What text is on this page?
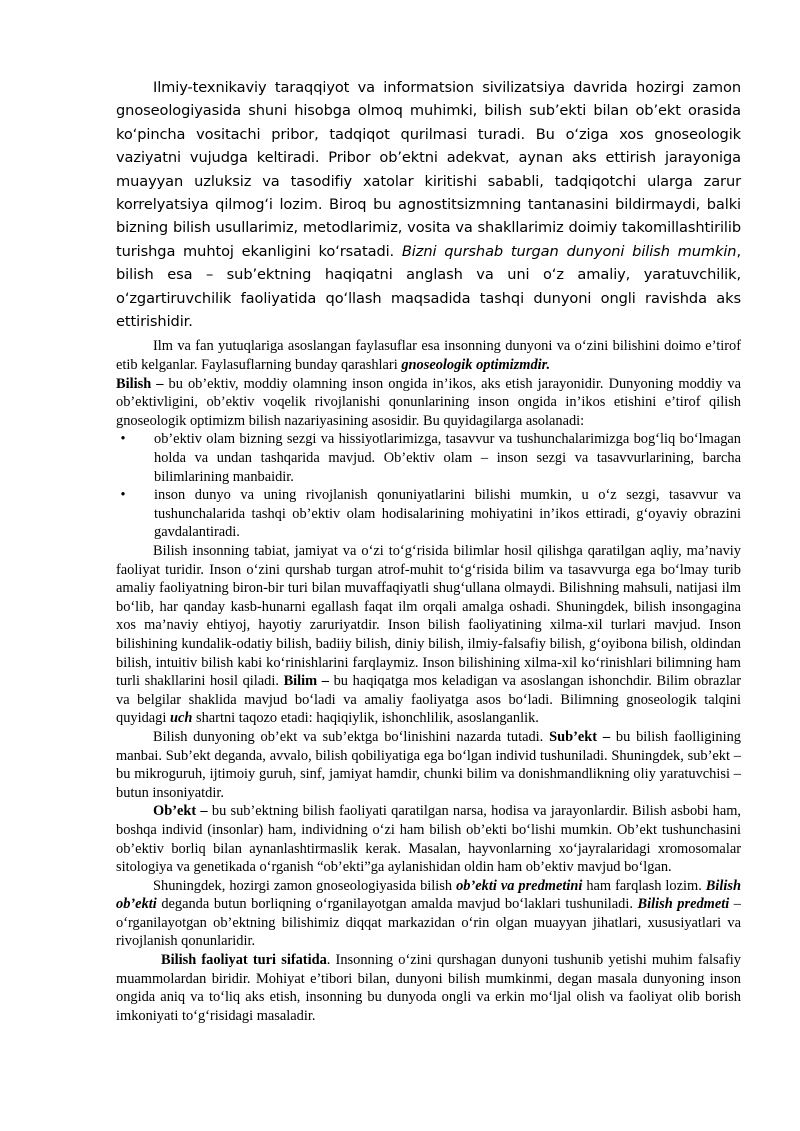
Ilmiy-texnikaviy taraqqiyot va informatsion sivilizatsiya davrida hozirgi zamon gnoseologiyasida shuni hisobga olmoq muhimki, bilish sub’ekti bilan ob’ekt orasida ko‘pincha vositachi pribor, tadqiqot qurilmasi turadi. Bu o‘ziga xos gnoseologik vaziyatni vujudga keltiradi. Pribor ob’ektni adekvat, aynan aks ettirish jarayoniga muayyan uzluksiz va tasodifiy xatolar kiritishi sababli, tadqiqotchi ularga zarur korrelyatsiya qilmog‘i lozim. Biroq bu agnostitsizmning tantanasini bildirmaydi, balki bizning bilish usullarimiz, metodlarimiz, vosita va shakllarimiz doimiy takomillashtirilib turishga muhtoj ekanligini ko‘rsatadi. Bizni qurshab turgan dunyoni bilish mumkin, bilish esa – sub’ektning haqiqatni anglash va uni o‘z amaliy, yaratuvchilik, o‘zgartiruvchilik faoliyatida qo‘llash maqsadida tashqi dunyoni ongli ravishda aks ettirishidir.

Ilm va fan yutuqlariga asoslangan faylasuflar esa insonning dunyoni va o‘zini bilishini doimo e’tirof etib kelganlar. Faylasuflarning bunday qarashlari gnoseologik optimizmdir.

Bilish – bu ob’ektiv, moddiy olamning inson ongida in’ikos, aks etish jarayonidir. Dunyoning moddiy va ob’ektivligini, ob’ektiv voqelik rivojlanishi qonunlarining inson ongida in’ikos etishini e’tirof qilish gnoseologik optimizm bilish nazariyasining asosidir. Bu quyidagilarga asolanadi:

•	ob’ektiv olam bizning sezgi va hissiyotlarimizga, tasavvur va tushunchalarimizga bog‘liq bo‘lmagan holda va undan tashqarida mavjud. Ob’ektiv olam – inson sezgi va tasavvurlarining, barcha bilimlarining manbaidir.
•	inson dunyo va uning rivojlanish qonuniyatlarini bilishi mumkin, u o‘z sezgi, tasavvur va tushunchalarida tashqi ob’ektiv olam hodisalarining mohiyatini in’ikos ettiradi, g‘oyaviy obrazini gavdalantiradi.

Bilish insonning tabiat, jamiyat va o‘zi to‘g‘risida bilimlar hosil qilishga qaratilgan aqliy, ma’naviy faoliyat turidir. Inson o‘zini qurshab turgan atrof-muhit to‘g‘risida bilim va tasavvurga ega bo‘lmay turib amaliy faoliyatning biron-bir turi bilan muvaffaqiyatli shug‘ullana olmaydi. Bilishning mahsuli, natijasi ilm bo‘lib, har qanday kasb-hunarni egallash faqat ilm orqali amalga oshadi. Shuningdek, bilish insongagina xos ma’naviy ehtiyoj, hayotiy zaruriyatdir. Inson bilish faoliyatining xilma-xil turlari mavjud. Inson bilishining kundalik-odatiy bilish, badiiy bilish, diniy bilish, ilmiy-falsafiy bilish, g‘oyibona bilish, oldindan bilish, intuitiv bilish kabi ko‘rinishlarini farqlaymiz. Inson bilishining xilma-xil ko‘rinishlari bilimning ham turli shakllarini hosil qiladi. Bilim – bu haqiqatga mos keladigan va asoslangan ishonchdir. Bilim obrazlar va belgilar shaklida mavjud bo‘ladi va amaliy faoliyatga asos bo‘ladi. Bilimning gnoseologik talqini quyidagi uch shartni taqozo etadi: haqiqiylik, ishonchlilik, asoslanganlik.

Bilish dunyoning ob’ekt va sub’ektga bo‘linishini nazarda tutadi. Sub’ekt – bu bilish faolligining manbai. Sub’ekt deganda, avvalo, bilish qobiliyatiga ega bo‘lgan individ tushuniladi. Shuningdek, sub’ekt – bu mikroguruh, ijtimoiy guruh, sinf, jamiyat hamdir, chunki bilim va donishmandlikning oliy yaratuvchisi – butun insoniyatdir.

Ob’ekt – bu sub’ektning bilish faoliyati qaratilgan narsa, hodisa va jarayonlardir. Bilish asbobi ham, boshqa individ (insonlar) ham, individning o‘zi ham bilish ob’ekti bo‘lishi mumkin. Ob’ekt tushunchasini ob’ektiv borliq bilan aynanlashtirmaslik kerak. Masalan, hayvonlarning xo‘jayralaridagi xromosomalar sitologiya va genetikada o‘rganish “ob’ekti”ga aylanishidan oldin ham ob’ektiv mavjud bo‘lgan.

Shuningdek, hozirgi zamon gnoseologiyasida bilish ob’ekti va predmetini ham farqlash lozim. Bilish ob’ekti deganda butun borliqning o‘rganilayotgan amalda mavjud bo‘laklari tushuniladi. Bilish predmeti – o‘rganilayotgan ob’ektning bilishimiz diqqat markazidan o‘rin olgan muayyan jihatlari, xususiyatlari va rivojlanish qonunlaridir.

Bilish faoliyat turi sifatida. Insonning o‘zini qurshagan dunyoni tushunib yetishi muhim falsafiy muammolardan biridir. Mohiyat e’tibori bilan, dunyoni bilish mumkinmi, degan masala dunyoning inson ongida aniq va to‘liq aks etish, insonning bu dunyoda ongli va erkin mo‘ljal olish va faoliyat olib borish imkoniyati to‘g‘risidagi masaladir.
